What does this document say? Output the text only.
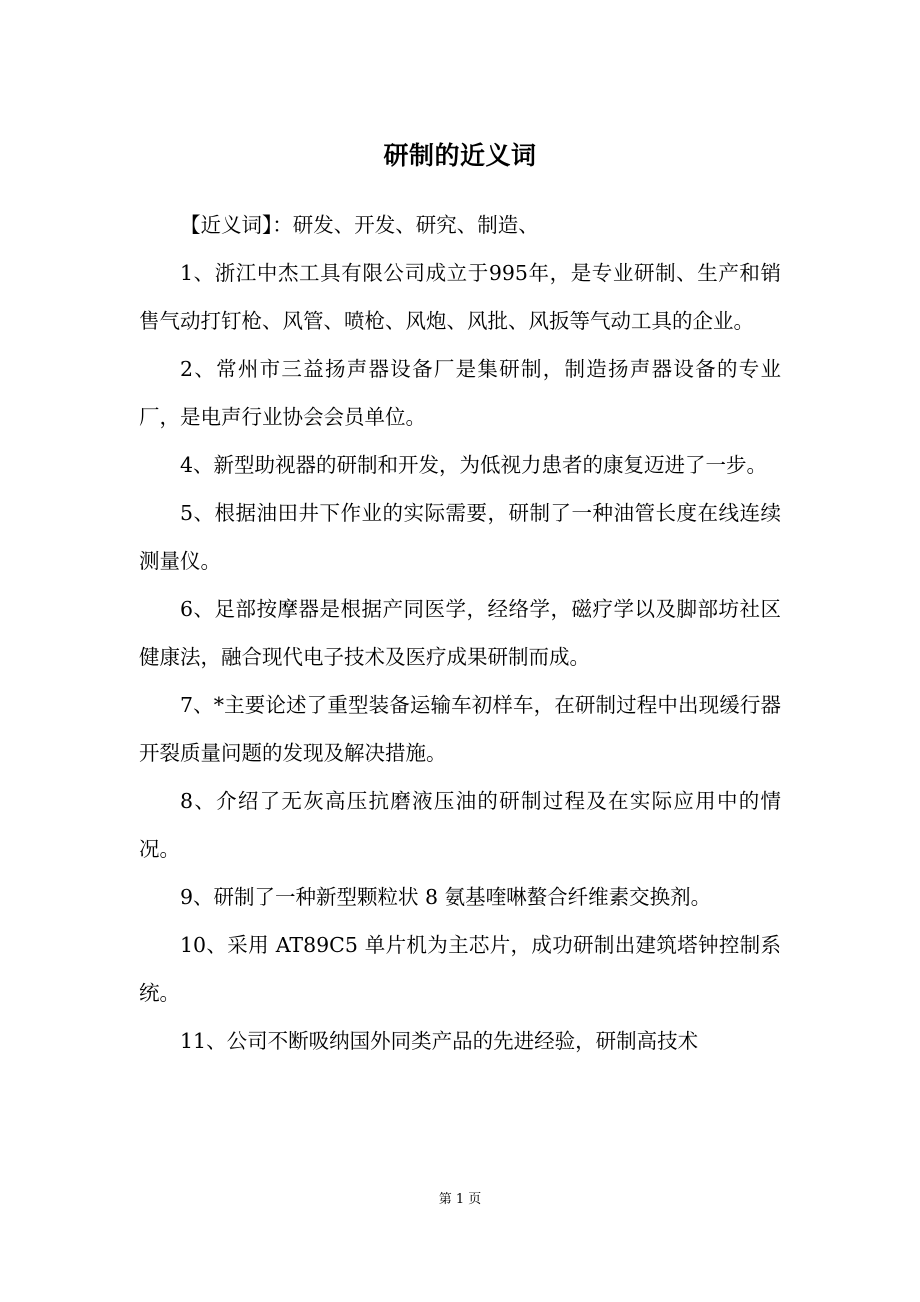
研制的近义词

【近义词】：研发、开发、研究、制造、

1、浙江中杰工具有限公司成立于995年，是专业研制、生产和销售气动打钉枪、风管、喷枪、风炮、风批、风扳等气动工具的企业。

2、常州市三益扬声器设备厂是集研制，制造扬声器设备的专业厂，是电声行业协会会员单位。

4、新型助视器的研制和开发，为低视力患者的康复迈进了一步。

5、根据油田井下作业的实际需要，研制了一种油管长度在线连续测量仪。

6、足部按摩器是根据产同医学，经络学，磁疗学以及脚部坊社区健康法，融合现代电子技术及医疗成果研制而成。

7、*主要论述了重型装备运输车初样车，在研制过程中出现缓行器开裂质量问题的发现及解决措施。

8、介绍了无灰高压抗磨液压油的研制过程及在实际应用中的情况。

9、研制了一种新型颗粒状 8 氨基喹啉螯合纤维素交换剂。

10、采用 AT89C5 单片机为主芯片，成功研制出建筑塔钟控制系统。

11、公司不断吸纳国外同类产品的先进经验，研制高技术

第 1 页
